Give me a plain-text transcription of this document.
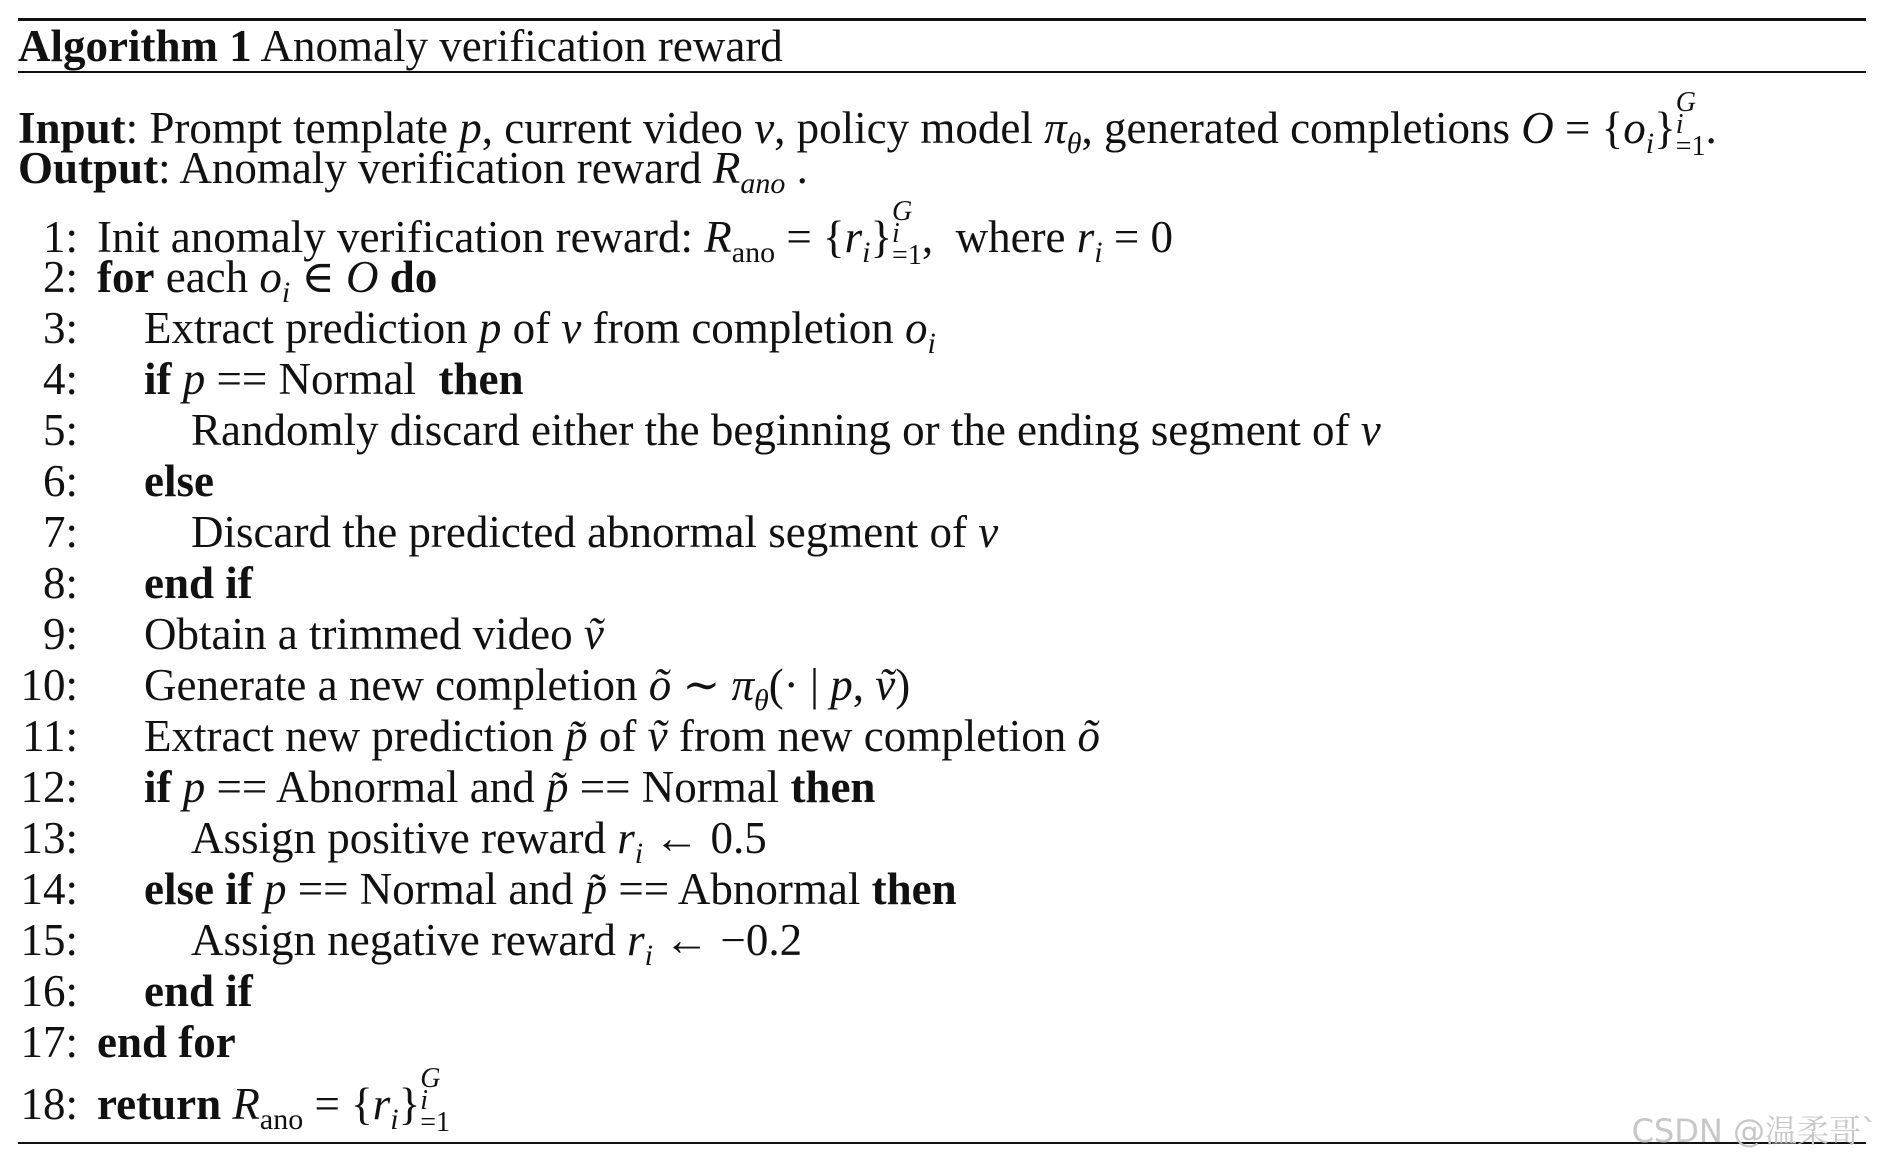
Algorithm 1 Anomaly verification reward
Input: Prompt template p, current video v, policy model $\pi_\theta$, generated completions $O = \{o_i\}$
G
i
=1 .
Output: Anomaly verification reward $R_{ano}$ .
1: Init anomaly verification reward: $R_{ano} = \{r_i\}$
G
i
=1 ,  where $r_i = 0$
2: for each $o_i$ ∈ O do
3: Extract prediction p of v from completion $o_i$
4: if p == Normal  then
5:	Randomly discard either the beginning or the ending segment of v
6: else
7:	Discard the predicted abnormal segment of v
8: end if
9: Obtain a trimmed video ṽ
10: Generate a new completion õ ∼ $\pi_\theta(\cdot$ | p, ṽ)
11: Extract new prediction p̃ of ṽ from new completion õ
12: if p == Abnormal and p̃ == Normal then
13:	Assign positive reward $r_i$ ← 0.5
14: else if p == Normal and p̃ == Abnormal then
15:	Assign negative reward $r_i$ ← −0.2
16: end if
17: end for
18: return $R_{ano} = \{r_i\}$
G
i
=1	CSDN @温柔哥`
